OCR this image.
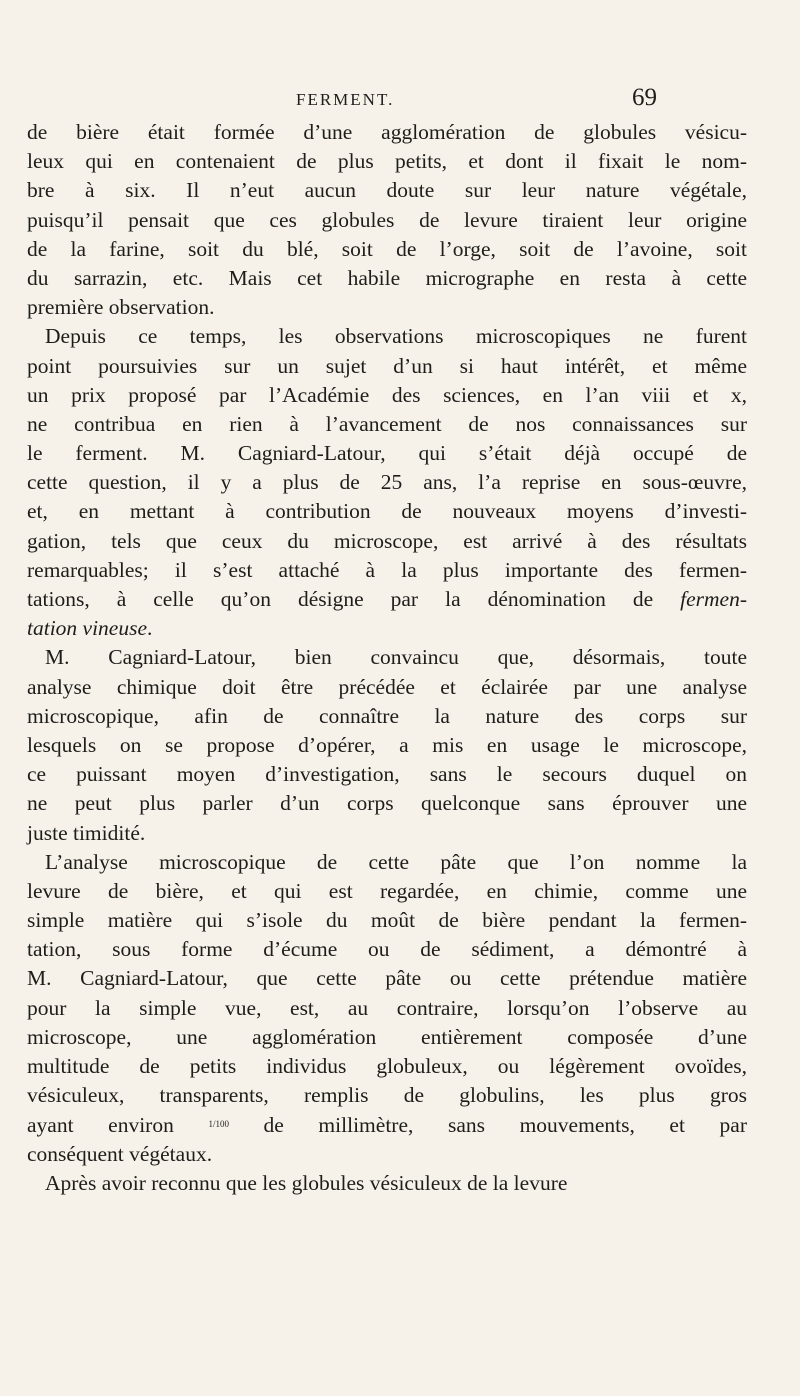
FERMENT.	69
de bière était formée d’une agglomération de globules vésicu-
leux qui en contenaient de plus petits, et dont il fixait le nom-
bre à six. Il n’eut aucun doute sur leur nature végétale,
puisqu’il pensait que ces globules de levure tiraient leur origine
de la farine, soit du blé, soit de l’orge, soit de l’avoine, soit
du sarrazin, etc. Mais cet habile micrographe en resta à cette
première observation.
Depuis ce temps, les observations microscopiques ne furent
point poursuivies sur un sujet d’un si haut intérêt, et même
un prix proposé par l’Académie des sciences, en l’an viii et x,
ne contribua en rien à l’avancement de nos connaissances sur
le ferment. M. Cagniard-Latour, qui s’était déjà occupé de
cette question, il y a plus de 25 ans, l’a reprise en sous-œuvre,
et, en mettant à contribution de nouveaux moyens d’investi-
gation, tels que ceux du microscope, est arrivé à des résultats
remarquables; il s’est attaché à la plus importante des fermen-
tations, à celle qu’on désigne par la dénomination de fermen-
tation vineuse.
M. Cagniard-Latour, bien convaincu que, désormais, toute
analyse chimique doit être précédée et éclairée par une analyse
microscopique, afin de connaître la nature des corps sur
lesquels on se propose d’opérer, a mis en usage le microscope,
ce puissant moyen d’investigation, sans le secours duquel on
ne peut plus parler d’un corps quelconque sans éprouver une
juste timidité.
L’analyse microscopique de cette pâte que l’on nomme la
levure de bière, et qui est regardée, en chimie, comme une
simple matière qui s’isole du moût de bière pendant la fermen-
tation, sous forme d’écume ou de sédiment, a démontré à
M. Cagniard-Latour, que cette pâte ou cette prétendue matière
pour la simple vue, est, au contraire, lorsqu’on l’observe au
microscope, une agglomération entièrement composée d’une
multitude de petits individus globuleux, ou légèrement ovoïdes,
vésiculeux, transparents, remplis de globulins, les plus gros
ayant environ	$^{1/100}$ de millimètre, sans mouvements, et par
conséquent végétaux.
Après avoir reconnu que les globules vésiculeux de la levure
